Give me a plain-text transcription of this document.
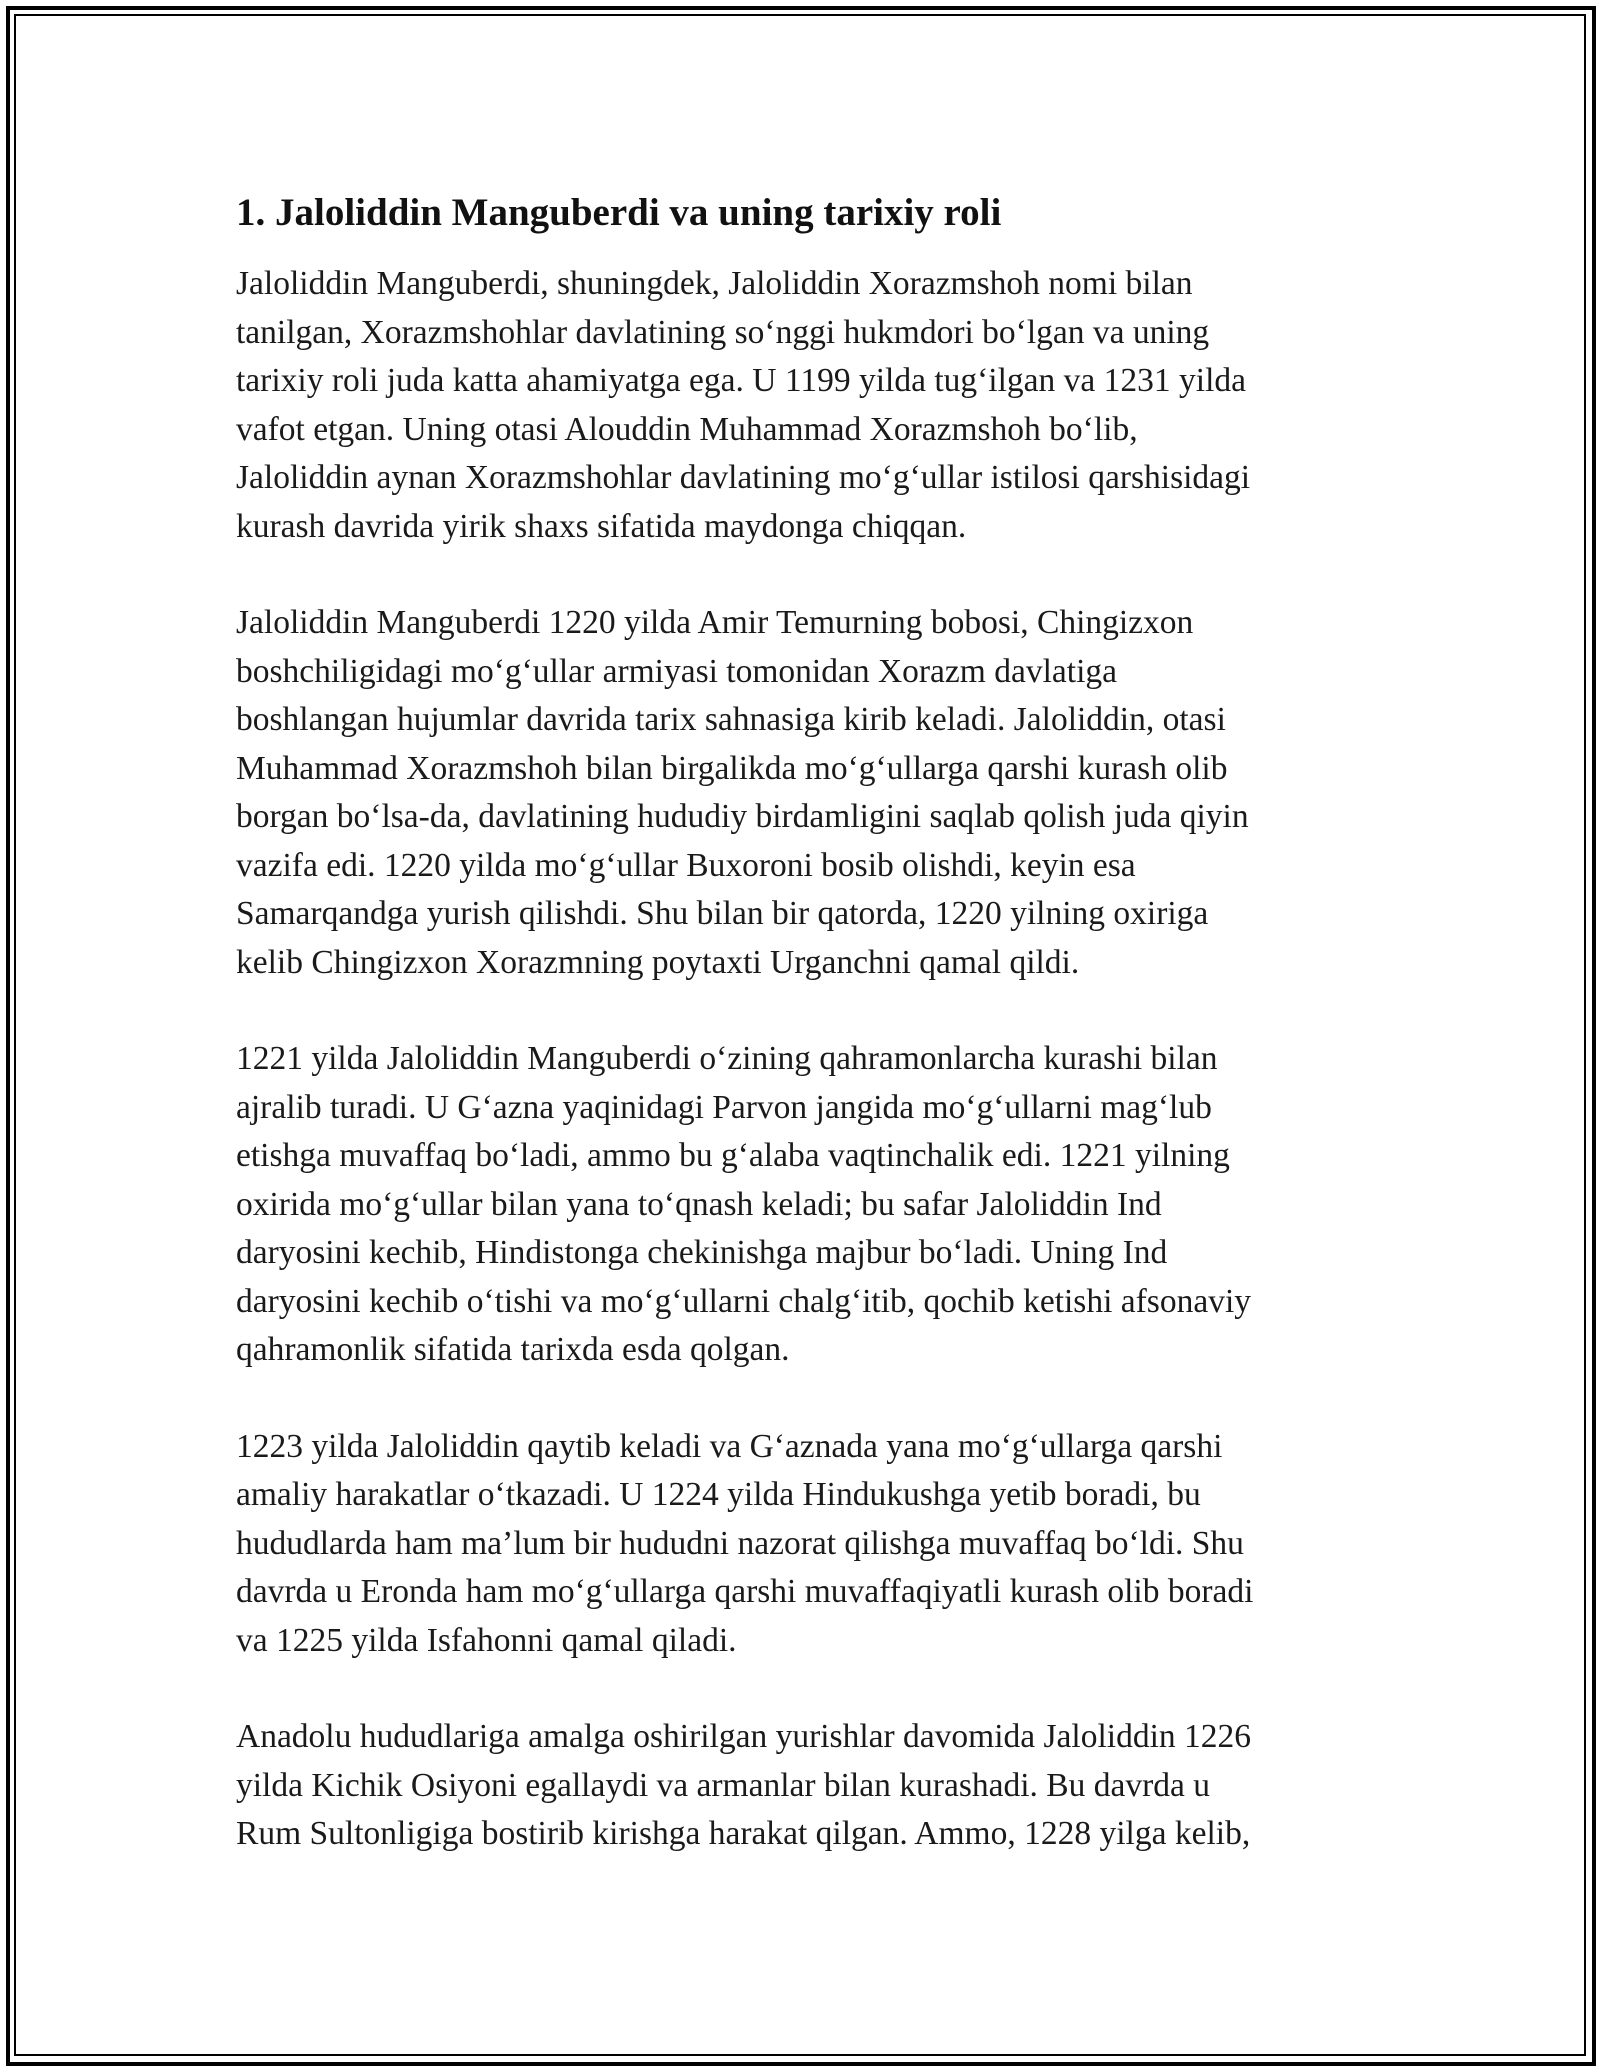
1. Jaloliddin Manguberdi va uning tarixiy roli

Jaloliddin Manguberdi, shuningdek, Jaloliddin Xorazmshoh nomi bilan
tanilgan, Xorazmshohlar davlatining so‘nggi hukmdori bo‘lgan va uning
tarixiy roli juda katta ahamiyatga ega. U 1199 yilda tug‘ilgan va 1231 yilda
vafot etgan. Uning otasi Alouddin Muhammad Xorazmshoh bo‘lib,
Jaloliddin aynan Xorazmshohlar davlatining mo‘g‘ullar istilosi qarshisidagi
kurash davrida yirik shaxs sifatida maydonga chiqqan.

Jaloliddin Manguberdi 1220 yilda Amir Temurning bobosi, Chingizxon
boshchiligidagi mo‘g‘ullar armiyasi tomonidan Xorazm davlatiga
boshlangan hujumlar davrida tarix sahnasiga kirib keladi. Jaloliddin, otasi
Muhammad Xorazmshoh bilan birgalikda mo‘g‘ullarga qarshi kurash olib
borgan bo‘lsa-da, davlatining hududiy birdamligini saqlab qolish juda qiyin
vazifa edi. 1220 yilda mo‘g‘ullar Buxoroni bosib olishdi, keyin esa
Samarqandga yurish qilishdi. Shu bilan bir qatorda, 1220 yilning oxiriga
kelib Chingizxon Xorazmning poytaxti Urganchni qamal qildi.

1221 yilda Jaloliddin Manguberdi o‘zining qahramonlarcha kurashi bilan
ajralib turadi. U G‘azna yaqinidagi Parvon jangida mo‘g‘ullarni mag‘lub
etishga muvaffaq bo‘ladi, ammo bu g‘alaba vaqtinchalik edi. 1221 yilning
oxirida mo‘g‘ullar bilan yana to‘qnash keladi; bu safar Jaloliddin Ind
daryosini kechib, Hindistonga chekinishga majbur bo‘ladi. Uning Ind
daryosini kechib o‘tishi va mo‘g‘ullarni chalg‘itib, qochib ketishi afsonaviy
qahramonlik sifatida tarixda esda qolgan.

1223 yilda Jaloliddin qaytib keladi va G‘aznada yana mo‘g‘ullarga qarshi
amaliy harakatlar o‘tkazadi. U 1224 yilda Hindukushga yetib boradi, bu
hududlarda ham ma’lum bir hududni nazorat qilishga muvaffaq bo‘ldi. Shu
davrda u Eronda ham mo‘g‘ullarga qarshi muvaffaqiyatli kurash olib boradi
va 1225 yilda Isfahonni qamal qiladi.

Anadolu hududlariga amalga oshirilgan yurishlar davomida Jaloliddin 1226
yilda Kichik Osiyoni egallaydi va armanlar bilan kurashadi. Bu davrda u
Rum Sultonligiga bostirib kirishga harakat qilgan. Ammo, 1228 yilga kelib,
